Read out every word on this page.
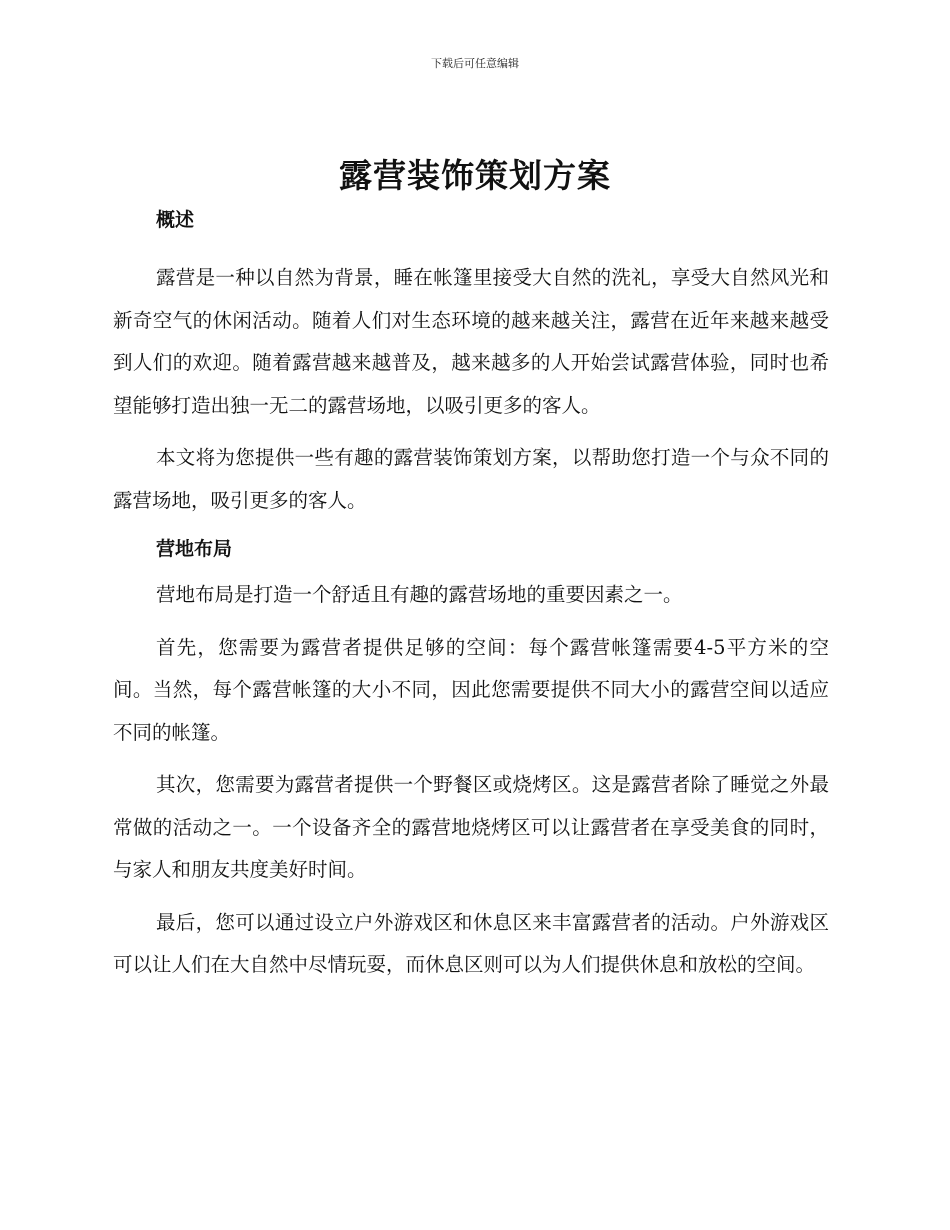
下载后可任意编辑
露营装饰策划方案
概述

露营是一种以自然为背景，睡在帐篷里接受大自然的洗礼，享受大自然风光和新奇空气的休闲活动。随着人们对生态环境的越来越关注，露营在近年来越来越受到人们的欢迎。随着露营越来越普及，越来越多的人开始尝试露营体验，同时也希望能够打造出独一无二的露营场地，以吸引更多的客人。

本文将为您提供一些有趣的露营装饰策划方案，以帮助您打造一个与众不同的露营场地，吸引更多的客人。

营地布局

营地布局是打造一个舒适且有趣的露营场地的重要因素之一。

首先，您需要为露营者提供足够的空间：每个露营帐篷需要4-5平方米的空间。当然，每个露营帐篷的大小不同，因此您需要提供不同大小的露营空间以适应不同的帐篷。

其次，您需要为露营者提供一个野餐区或烧烤区。这是露营者除了睡觉之外最常做的活动之一。一个设备齐全的露营地烧烤区可以让露营者在享受美食的同时，与家人和朋友共度美好时间。

最后，您可以通过设立户外游戏区和休息区来丰富露营者的活动。户外游戏区可以让人们在大自然中尽情玩耍，而休息区则可以为人们提供休息和放松的空间。
